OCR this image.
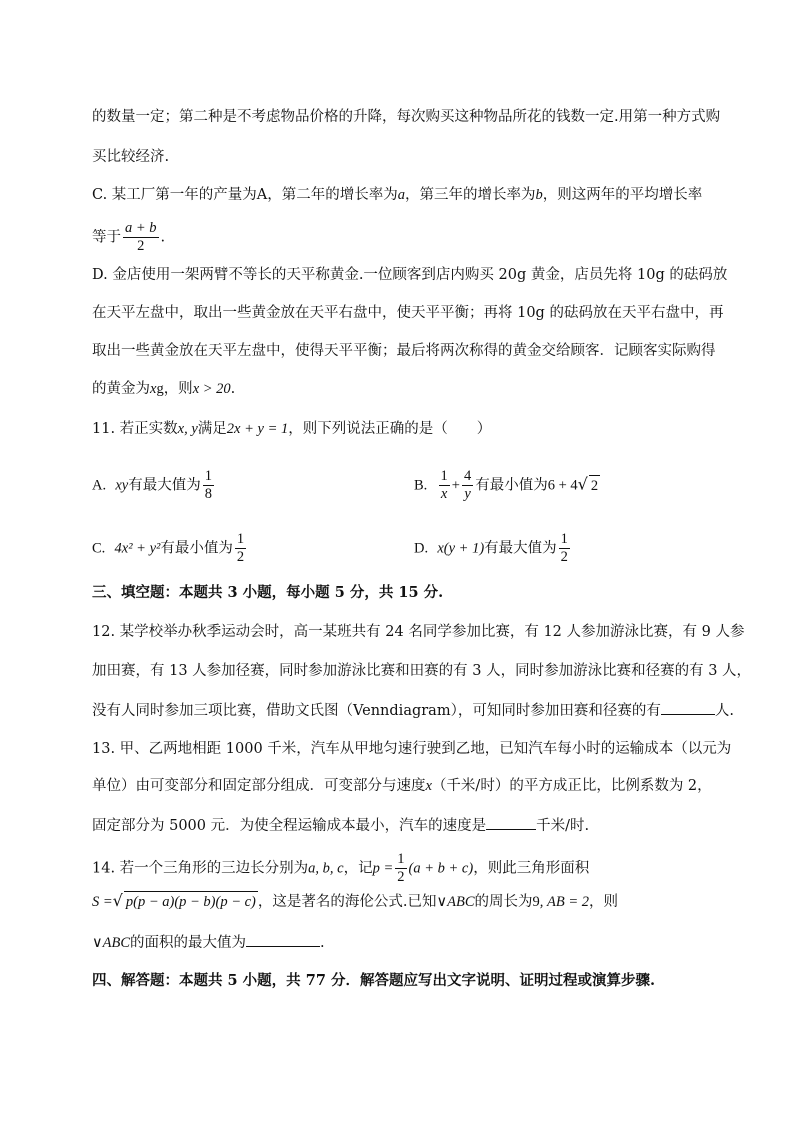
的数量一定；第二种是不考虑物品价格的升降，每次购买这种物品所花的钱数一定.用第一种方式购
买比较经济.
C. 某工厂第一年的产量为A，第二年的增长率为a，第三年的增长率为b，则这两年的平均增长率
等于 $\frac{a + b}{2}$ .
D. 金店使用一架两臂不等长的天平称黄金.一位顾客到店内购买 20g 黄金，店员先将 10g 的砝码放
在天平左盘中，取出一些黄金放在天平右盘中，使天平平衡；再将 10g 的砝码放在天平右盘中，再
取出一些黄金放在天平左盘中，使得天平平衡；最后将两次称得的黄金交给顾客．记顾客实际购得
的黄金为xg，则x > 20.
11. 若正实数x, y满足2x + y = 1，则下列说法正确的是（　　）
A. xy有最大值为 $\frac{1}{8}$	B. $\frac{1}{x} + \frac{4}{y}$ 有最小值为6 + 4√ 2
C. 4x² + y²有最小值为 $\frac{1}{2}$	D. x(y + 1)有最大值为 $\frac{1}{2}$
三、填空题：本题共 3 小题，每小题 5 分，共 15 分.
12. 某学校举办秋季运动会时，高一某班共有 24 名同学参加比赛，有 12 人参加游泳比赛，有 9 人参
加田赛，有 13 人参加径赛，同时参加游泳比赛和田赛的有 3 人，同时参加游泳比赛和径赛的有 3 人，
没有人同时参加三项比赛，借助文氏图（Venndiagram），可知同时参加田赛和径赛的有	人.
13. 甲、乙两地相距 1000 千米，汽车从甲地匀速行驶到乙地，已知汽车每小时的运输成本（以元为
单位）由可变部分和固定部分组成．可变部分与速度x（千米/时）的平方成正比，比例系数为 2，
固定部分为 5000 元．为使全程运输成本最小，汽车的速度是	千米/时.
14. 若一个三角形的三边长分别为a, b, c，记$p = \frac{1}{2} (a + b + c)$，则此三角形面积
S =√ p(p − a)(p − b)(p − c) ，这是著名的海伦公式.已知∨ABC的周长为9, AB = 2，则
∨ABC的面积的最大值为	.
四、解答题：本题共 5 小题，共 77 分．解答题应写出文字说明、证明过程或演算步骤.
